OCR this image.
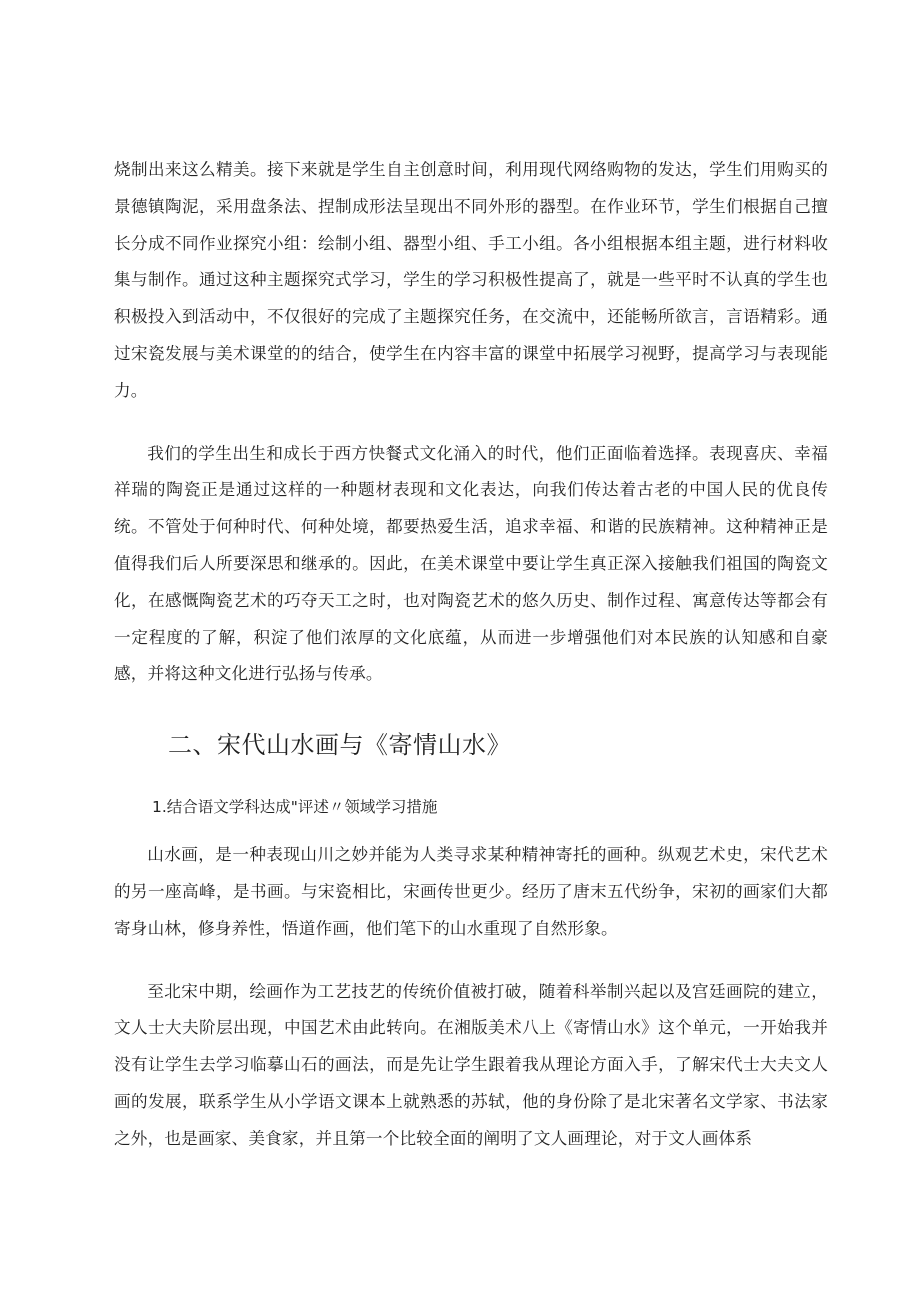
烧制出来这么精美。接下来就是学生自主创意时间，利用现代网络购物的发达，学生们用购买的景德镇陶泥，采用盘条法、捏制成形法呈现出不同外形的器型。在作业环节，学生们根据自己擅长分成不同作业探究小组：绘制小组、器型小组、手工小组。各小组根据本组主题，进行材料收集与制作。通过这种主题探究式学习，学生的学习积极性提高了，就是一些平时不认真的学生也积极投入到活动中，不仅很好的完成了主题探究任务，在交流中，还能畅所欲言，言语精彩。通过宋瓷发展与美术课堂的的结合，使学生在内容丰富的课堂中拓展学习视野，提高学习与表现能力。

我们的学生出生和成长于西方快餐式文化涌入的时代，他们正面临着选择。表现喜庆、幸福祥瑞的陶瓷正是通过这样的一种题材表现和文化表达，向我们传达着古老的中国人民的优良传统。不管处于何种时代、何种处境，都要热爱生活，追求幸福、和谐的民族精神。这种精神正是值得我们后人所要深思和继承的。因此，在美术课堂中要让学生真正深入接触我们祖国的陶瓷文化，在感慨陶瓷艺术的巧夺天工之时，也对陶瓷艺术的悠久历史、制作过程、寓意传达等都会有一定程度的了解，积淀了他们浓厚的文化底蕴，从而进一步增强他们对本民族的认知感和自豪感，并将这种文化进行弘扬与传承。

二、宋代山水画与《寄情山水》
1.结合语文学科达成"评述〃领域学习措施

山水画，是一种表现山川之妙并能为人类寻求某种精神寄托的画种。纵观艺术史，宋代艺术的另一座高峰，是书画。与宋瓷相比，宋画传世更少。经历了唐末五代纷争，宋初的画家们大都寄身山林，修身养性，悟道作画，他们笔下的山水重现了自然形象。

至北宋中期，绘画作为工艺技艺的传统价值被打破，随着科举制兴起以及宫廷画院的建立，文人士大夫阶层出现，中国艺术由此转向。在湘版美术八上《寄情山水》这个单元，一开始我并没有让学生去学习临摹山石的画法，而是先让学生跟着我从理论方面入手，了解宋代士大夫文人画的发展，联系学生从小学语文课本上就熟悉的苏轼，他的身份除了是北宋著名文学家、书法家之外，也是画家、美食家，并且第一个比较全面的阐明了文人画理论，对于文人画体系
